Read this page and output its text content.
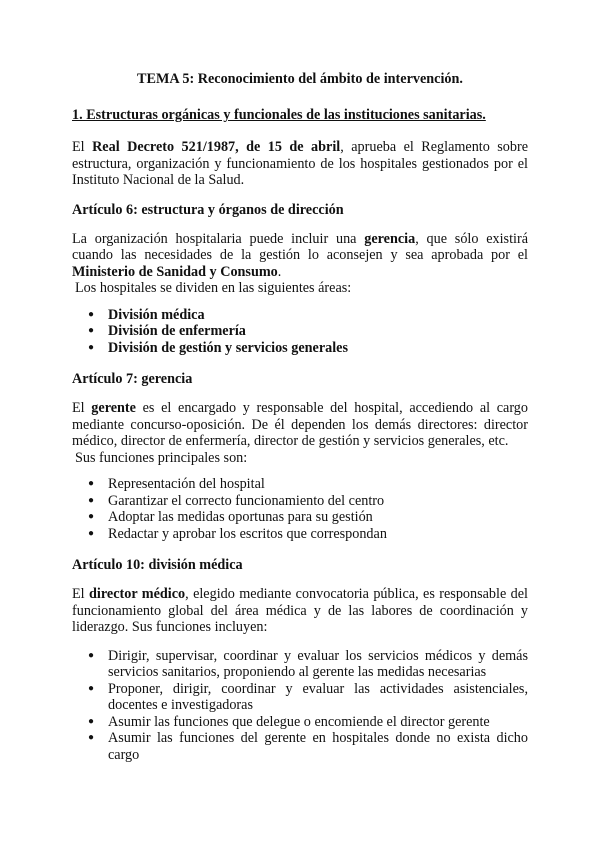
TEMA 5: Reconocimiento del ámbito de intervención.
1. Estructuras orgánicas y funcionales de las instituciones sanitarias.

El Real Decreto 521/1987, de 15 de abril, aprueba el Reglamento sobre estructura, organización y funcionamiento de los hospitales gestionados por el Instituto Nacional de la Salud.

Artículo 6: estructura y órganos de dirección

La organización hospitalaria puede incluir una gerencia, que sólo existirá cuando las necesidades de la gestión lo aconsejen y sea aprobada por el Ministerio de Sanidad y Consumo.

Los hospitales se dividen en las siguientes áreas:

● División médica
● División de enfermería
● División de gestión y servicios generales
Artículo 7: gerencia

El gerente es el encargado y responsable del hospital, accediendo al cargo mediante concurso-oposición. De él dependen los demás directores: director médico, director de enfermería, director de gestión y servicios generales, etc.

Sus funciones principales son:

● Representación del hospital
● Garantizar el correcto funcionamiento del centro
● Adoptar las medidas oportunas para su gestión
● Redactar y aprobar los escritos que correspondan
Artículo 10: división médica

El director médico, elegido mediante convocatoria pública, es responsable del funcionamiento global del área médica y de las labores de coordinación y liderazgo. Sus funciones incluyen:

● Dirigir, supervisar, coordinar y evaluar los servicios médicos y demás servicios sanitarios, proponiendo al gerente las medidas necesarias
● Proponer, dirigir, coordinar y evaluar las actividades asistenciales, docentes e investigadoras
● Asumir las funciones que delegue o encomiende el director gerente
● Asumir las funciones del gerente en hospitales donde no exista dicho cargo
